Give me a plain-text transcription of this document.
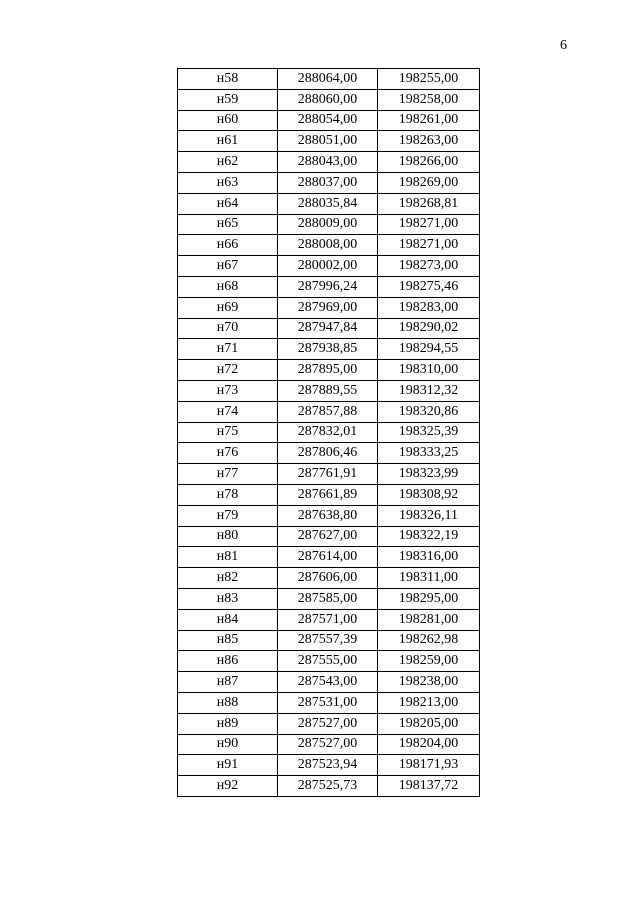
6
н58	288064,00	198255,00
н59	288060,00	198258,00
н60	288054,00	198261,00
н61	288051,00	198263,00
н62	288043,00	198266,00
н63	288037,00	198269,00
н64	288035,84	198268,81
н65	288009,00	198271,00
н66	288008,00	198271,00
н67	280002,00	198273,00
н68	287996,24	198275,46
н69	287969,00	198283,00
н70	287947,84	198290,02
н71	287938,85	198294,55
н72	287895,00	198310,00
н73	287889,55	198312,32
н74	287857,88	198320,86
н75	287832,01	198325,39
н76	287806,46	198333,25
н77	287761,91	198323,99
н78	287661,89	198308,92
н79	287638,80	198326,11
н80	287627,00	198322,19
н81	287614,00	198316,00
н82	287606,00	198311,00
н83	287585,00	198295,00
н84	287571,00	198281,00
н85	287557,39	198262,98
н86	287555,00	198259,00
н87	287543,00	198238,00
н88	287531,00	198213,00
н89	287527,00	198205,00
н90	287527,00	198204,00
н91	287523,94	198171,93
н92	287525,73	198137,72
